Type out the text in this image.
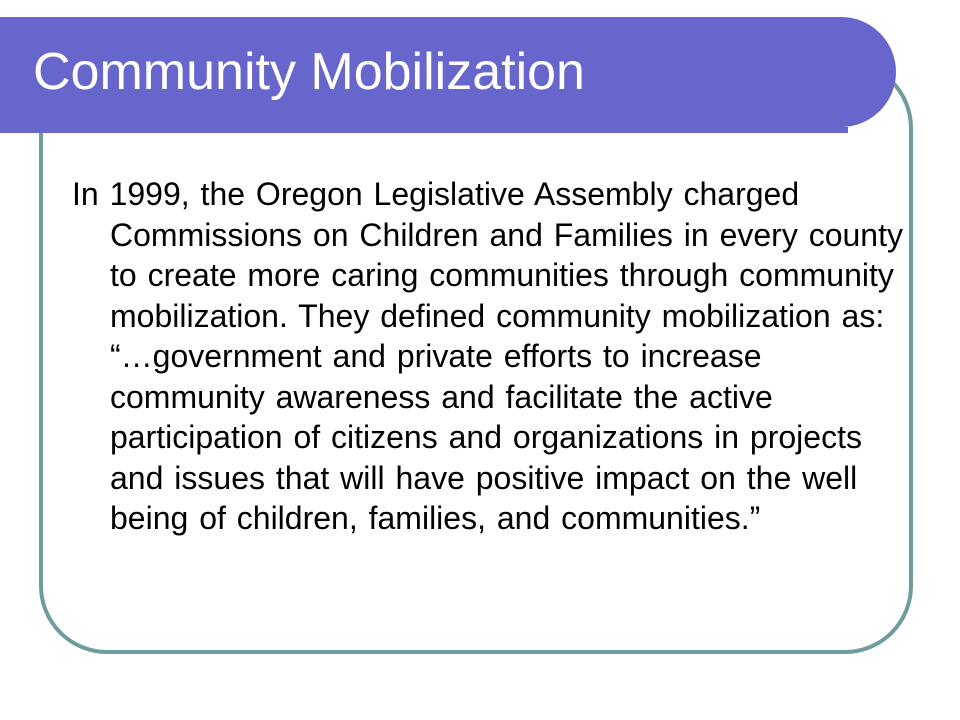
Community Mobilization

In 1999, the Oregon Legislative Assembly charged Commissions on Children and Families in every county to create more caring communities through community mobilization. They defined community mobilization as: “…government and private efforts to increase community awareness and facilitate the active participation of citizens and organizations in projects and issues that will have positive impact on the well being of children, families, and communities.”
